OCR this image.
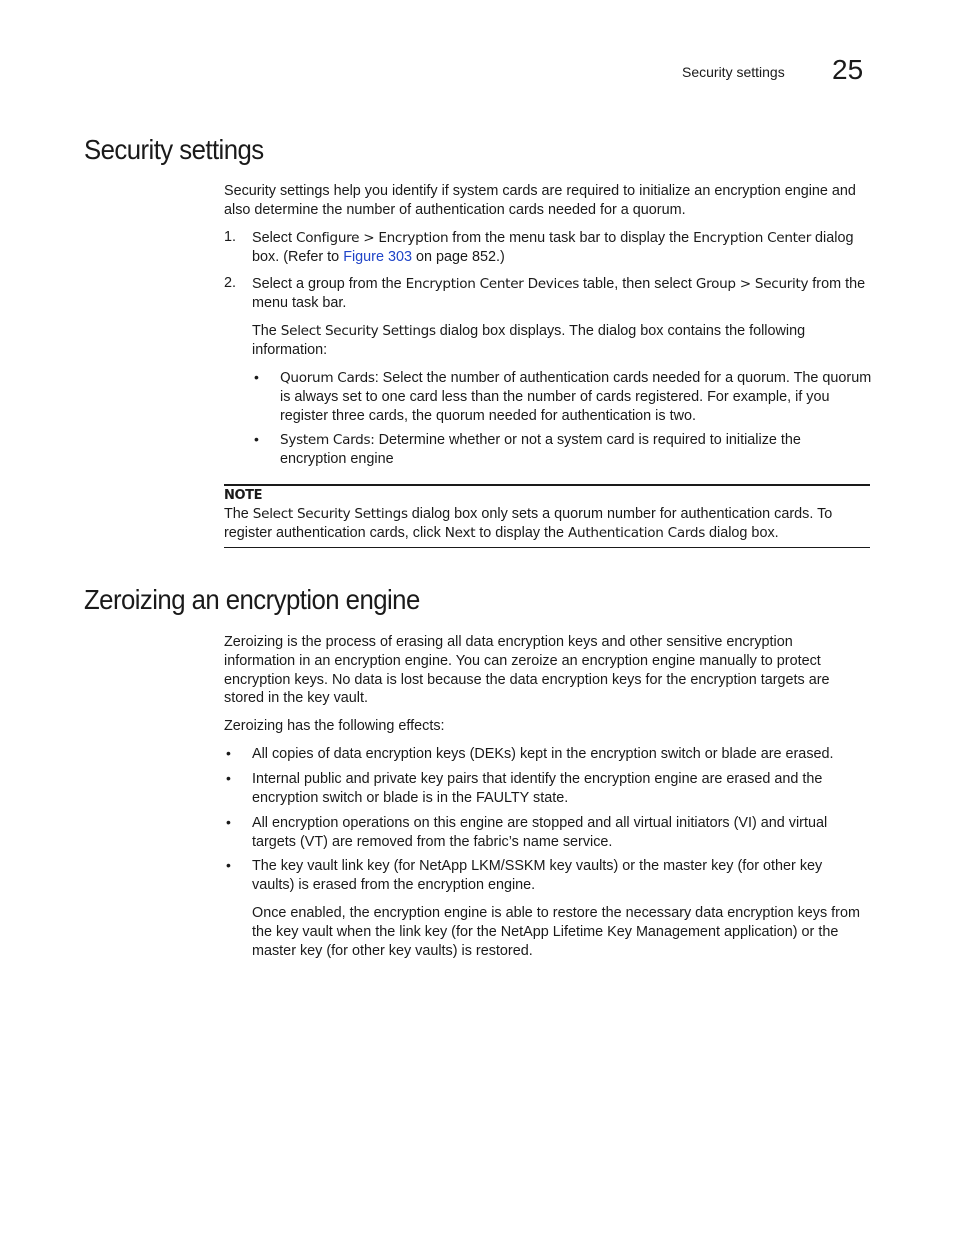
Security settings 25
Security settings

Security settings help you identify if system cards are required to initialize an encryption engine and also determine the number of authentication cards needed for a quorum.

1. Select Configure > Encryption from the menu task bar to display the Encryption Center dialog box. (Refer to Figure 303 on page 852.)

2. Select a group from the Encryption Center Devices table, then select Group > Security from the menu task bar.

The Select Security Settings dialog box displays. The dialog box contains the following information:

• Quorum Cards: Select the number of authentication cards needed for a quorum. The quorum is always set to one card less than the number of cards registered. For example, if you register three cards, the quorum needed for authentication is two.

• System Cards: Determine whether or not a system card is required to initialize the encryption engine

NOTE

The Select Security Settings dialog box only sets a quorum number for authentication cards. To register authentication cards, click Next to display the Authentication Cards dialog box.

Zeroizing an encryption engine

Zeroizing is the process of erasing all data encryption keys and other sensitive encryption information in an encryption engine. You can zeroize an encryption engine manually to protect encryption keys. No data is lost because the data encryption keys for the encryption targets are stored in the key vault.

Zeroizing has the following effects:

• All copies of data encryption keys (DEKs) kept in the encryption switch or blade are erased.

• Internal public and private key pairs that identify the encryption engine are erased and the encryption switch or blade is in the FAULTY state.

• All encryption operations on this engine are stopped and all virtual initiators (VI) and virtual targets (VT) are removed from the fabric’s name service.

• The key vault link key (for NetApp LKM/SSKM key vaults) or the master key (for other key vaults) is erased from the encryption engine.

Once enabled, the encryption engine is able to restore the necessary data encryption keys from the key vault when the link key (for the NetApp Lifetime Key Management application) or the master key (for other key vaults) is restored.
